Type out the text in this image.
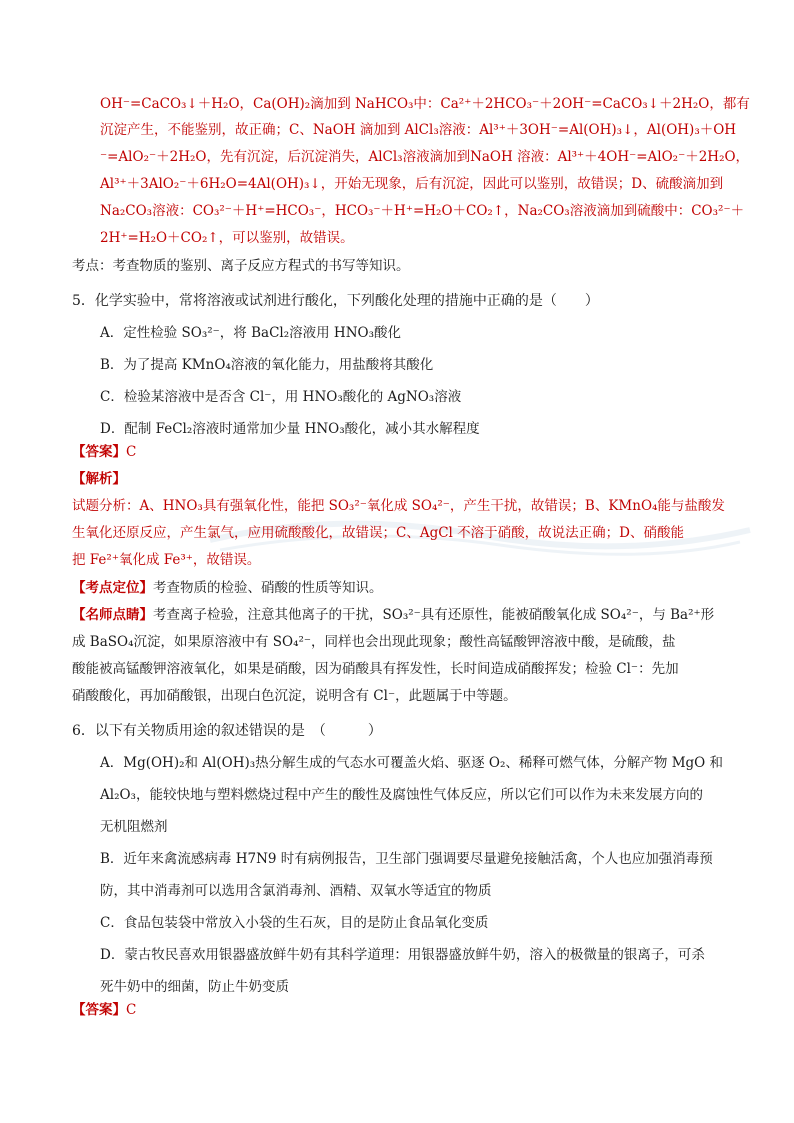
OH⁻=CaCO₃↓＋H₂O，Ca(OH)₂滴加到 NaHCO₃中：Ca²⁺＋2HCO₃⁻＋2OH⁻=CaCO₃↓＋2H₂O，都有
沉淀产生，不能鉴别，故正确；C、NaOH 滴加到 AlCl₃溶液：Al³⁺＋3OH⁻=Al(OH)₃↓，Al(OH)₃＋OH
⁻=AlO₂⁻＋2H₂O，先有沉淀，后沉淀消失，AlCl₃溶液滴加到NaOH 溶液：Al³⁺＋4OH⁻=AlO₂⁻＋2H₂O，
Al³⁺＋3AlO₂⁻＋6H₂O=4Al(OH)₃↓，开始无现象，后有沉淀，因此可以鉴别，故错误；D、硫酸滴加到
Na₂CO₃溶液：CO₃²⁻＋H⁺=HCO₃⁻，HCO₃⁻＋H⁺=H₂O＋CO₂↑，Na₂CO₃溶液滴加到硫酸中：CO₃²⁻＋
2H⁺=H₂O＋CO₂↑，可以鉴别，故错误。
考点：考查物质的鉴别、离子反应方程式的书写等知识。
5．化学实验中，常将溶液或试剂进行酸化，下列酸化处理的措施中正确的是（　　）
A．定性检验 SO₃²⁻，将 BaCl₂溶液用 HNO₃酸化
B．为了提高 KMnO₄溶液的氧化能力，用盐酸将其酸化
C．检验某溶液中是否含 Cl⁻，用 HNO₃酸化的 AgNO₃溶液
D．配制 FeCl₂溶液时通常加少量 HNO₃酸化，减小其水解程度
【答案】C
【解析】
试题分析：A、HNO₃具有强氧化性，能把 SO₃²⁻氧化成 SO₄²⁻，产生干扰，故错误；B、KMnO₄能与盐酸发
生氧化还原反应，产生氯气，应用硫酸酸化，故错误；C、AgCl 不溶于硝酸，故说法正确；D、硝酸能
把 Fe²⁺氧化成 Fe³⁺，故错误。
【考点定位】考查物质的检验、硝酸的性质等知识。
【名师点睛】考查离子检验，注意其他离子的干扰，SO₃²⁻具有还原性，能被硝酸氧化成 SO₄²⁻，与 Ba²⁺形
成 BaSO₄沉淀，如果原溶液中有 SO₄²⁻，同样也会出现此现象；酸性高锰酸钾溶液中酸，是硫酸，盐
酸能被高锰酸钾溶液氧化，如果是硝酸，因为硝酸具有挥发性，长时间造成硝酸挥发；检验 Cl⁻：先加
硝酸酸化，再加硝酸银，出现白色沉淀，说明含有 Cl⁻，此题属于中等题。
6．以下有关物质用途的叙述错误的是　（　　　）
A．Mg(OH)₂和 Al(OH)₃热分解生成的气态水可覆盖火焰、驱逐 O₂、稀释可燃气体，分解产物 MgO 和
Al₂O₃，能较快地与塑料燃烧过程中产生的酸性及腐蚀性气体反应，所以它们可以作为未来发展方向的
无机阻燃剂
B．近年来禽流感病毒 H7N9 时有病例报告，卫生部门强调要尽量避免接触活禽，个人也应加强消毒预
防，其中消毒剂可以选用含氯消毒剂、酒精、双氧水等适宜的物质
C．食品包装袋中常放入小袋的生石灰，目的是防止食品氧化变质
D．蒙古牧民喜欢用银器盛放鲜牛奶有其科学道理：用银器盛放鲜牛奶，溶入的极微量的银离子，可杀
死牛奶中的细菌，防止牛奶变质
【答案】C
